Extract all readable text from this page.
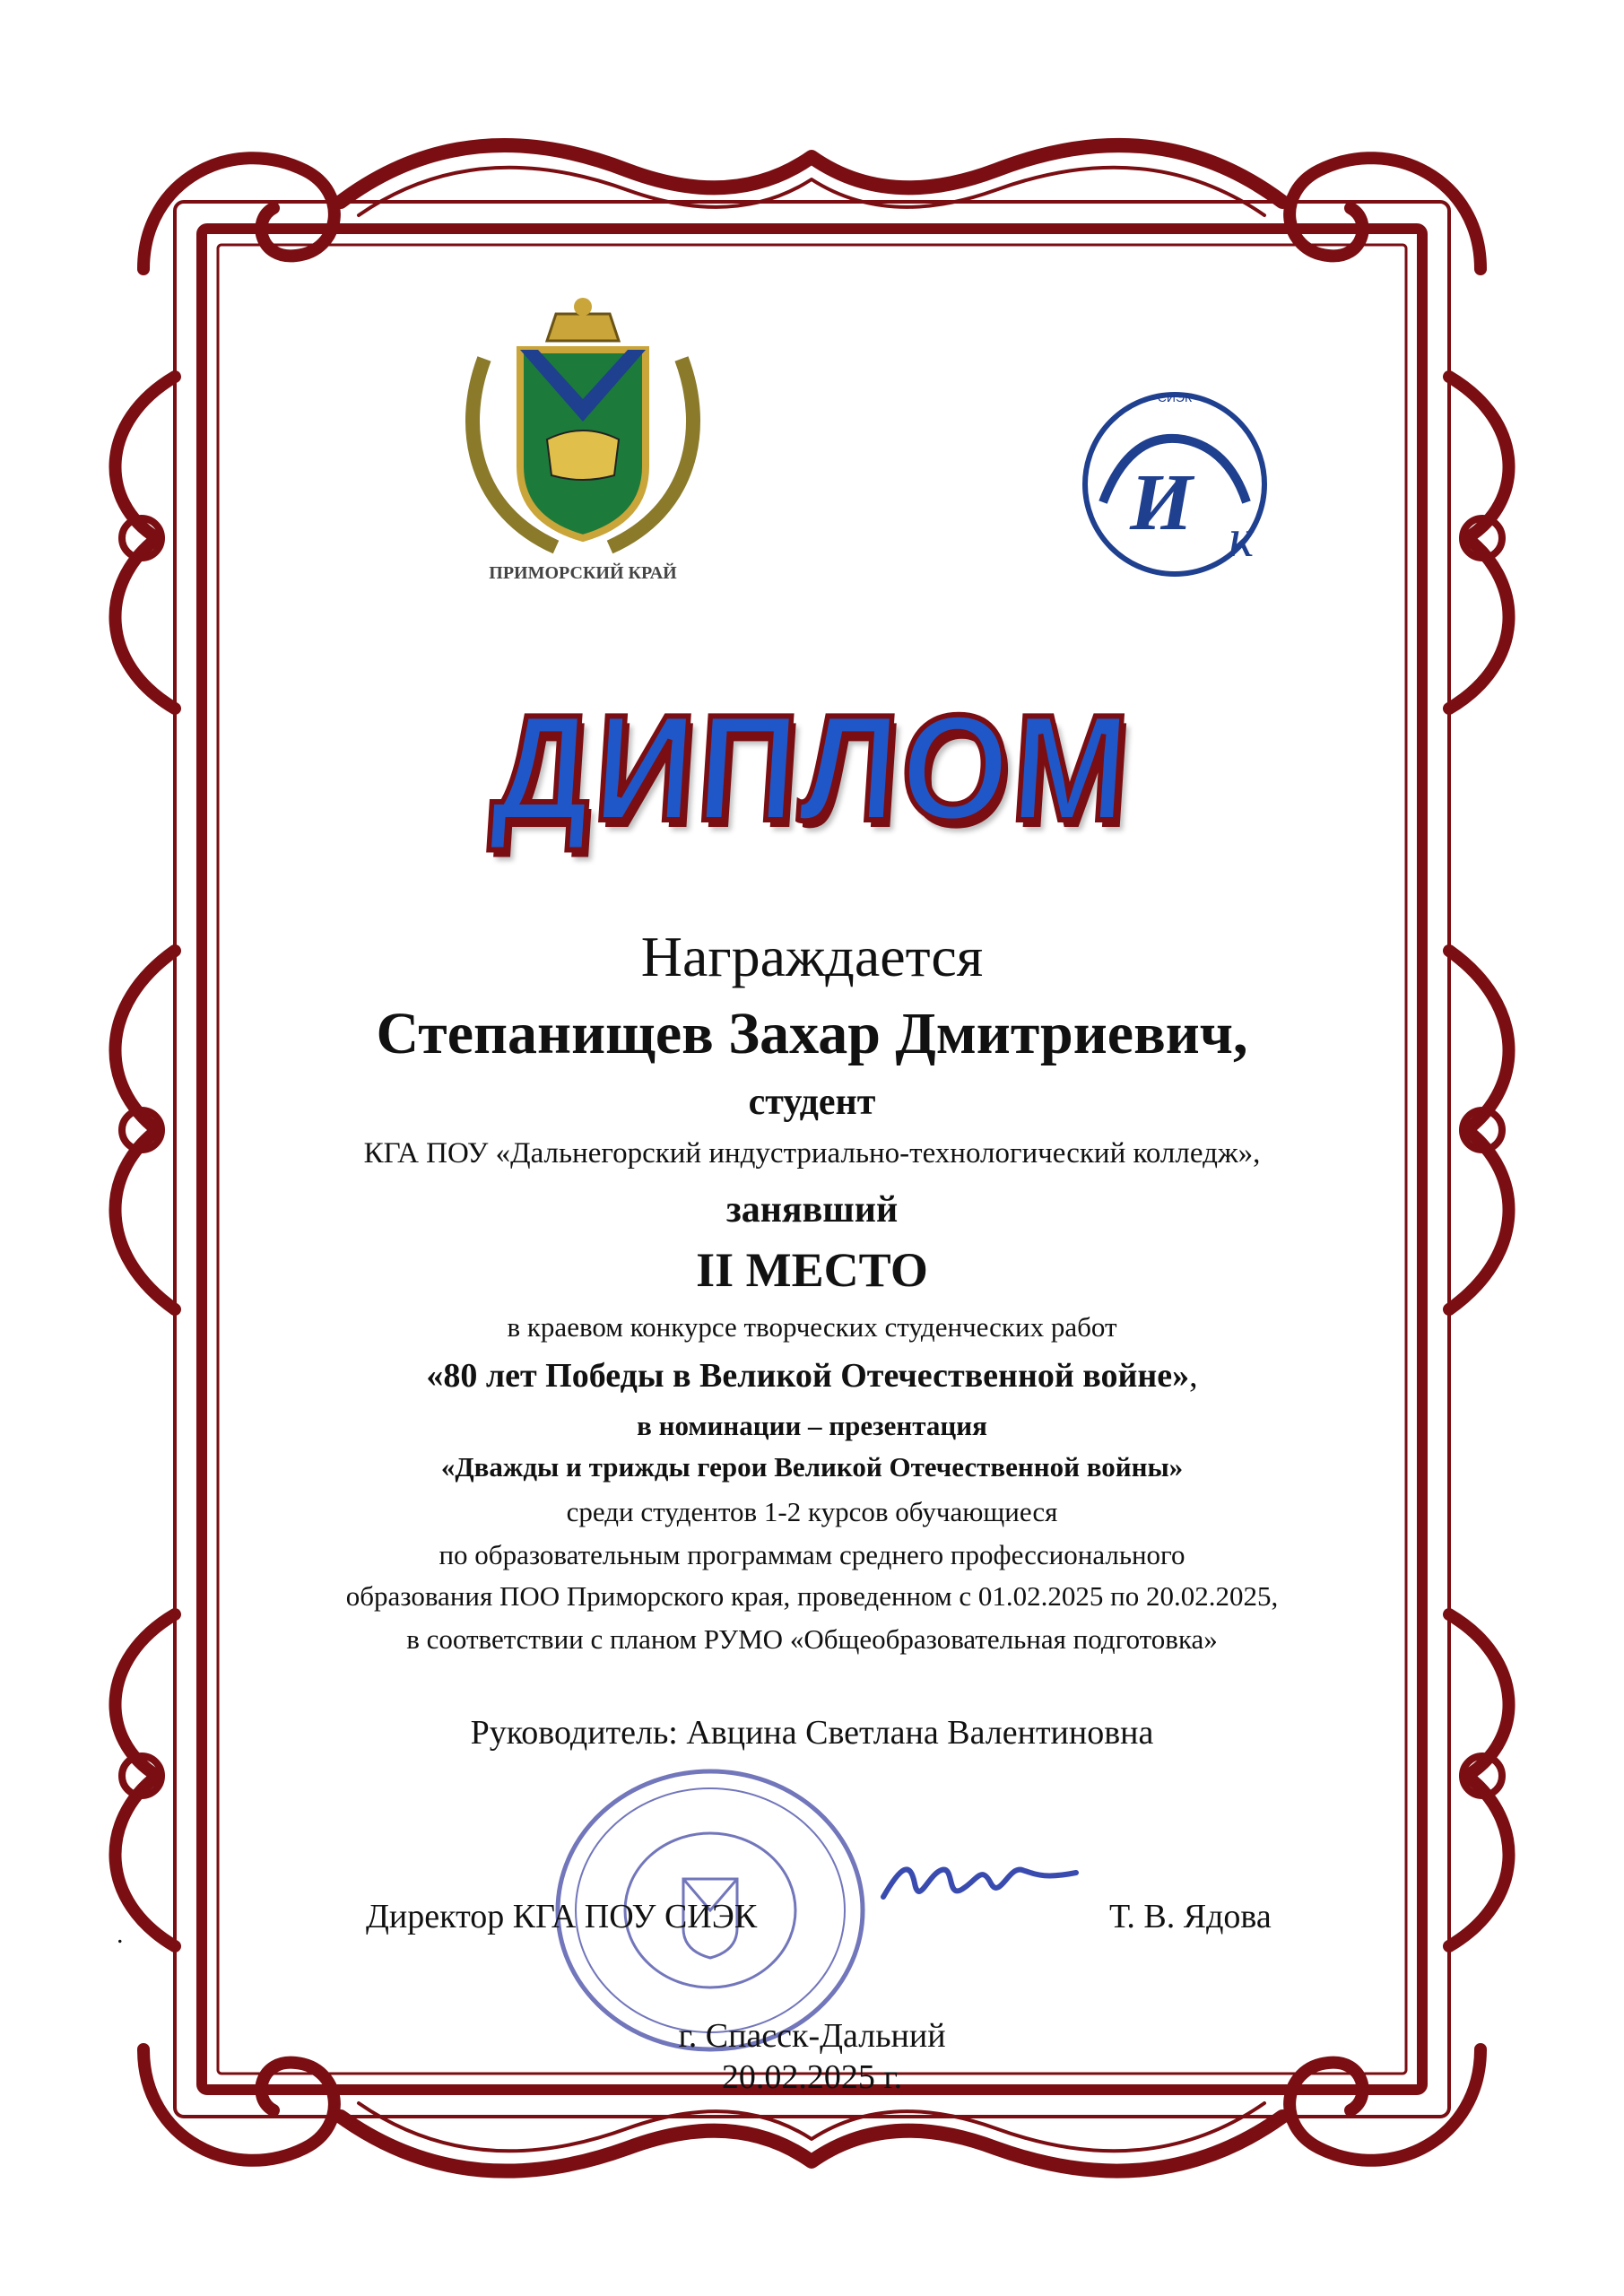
ПРИМОРСКИЙ КРАЙ
И к
СИЭК
ДИПЛОМ
Награждается
Степанищев Захар Дмитриевич,
студент
КГА ПОУ «Дальнегорский индустриально-технологический колледж»,
занявший
II МЕСТО
в краевом конкурсе творческих студенческих работ
«80 лет Победы в Великой Отечественной войне»,
в номинации – презентация
«Дважды и трижды герои Великой Отечественной войны»
среди студентов 1-2 курсов обучающиеся
по образовательным программам среднего профессионального
образования ПОО Приморского края, проведенном с 01.02.2025 по 20.02.2025,
в соответствии с планом РУМО «Общеобразовательная подготовка»
Руководитель: Авцина Светлана Валентиновна
.	Директор КГА ПОУ СИЭК	Т. В. Ядова
г. Спасск-Дальний
20.02.2025 г.
